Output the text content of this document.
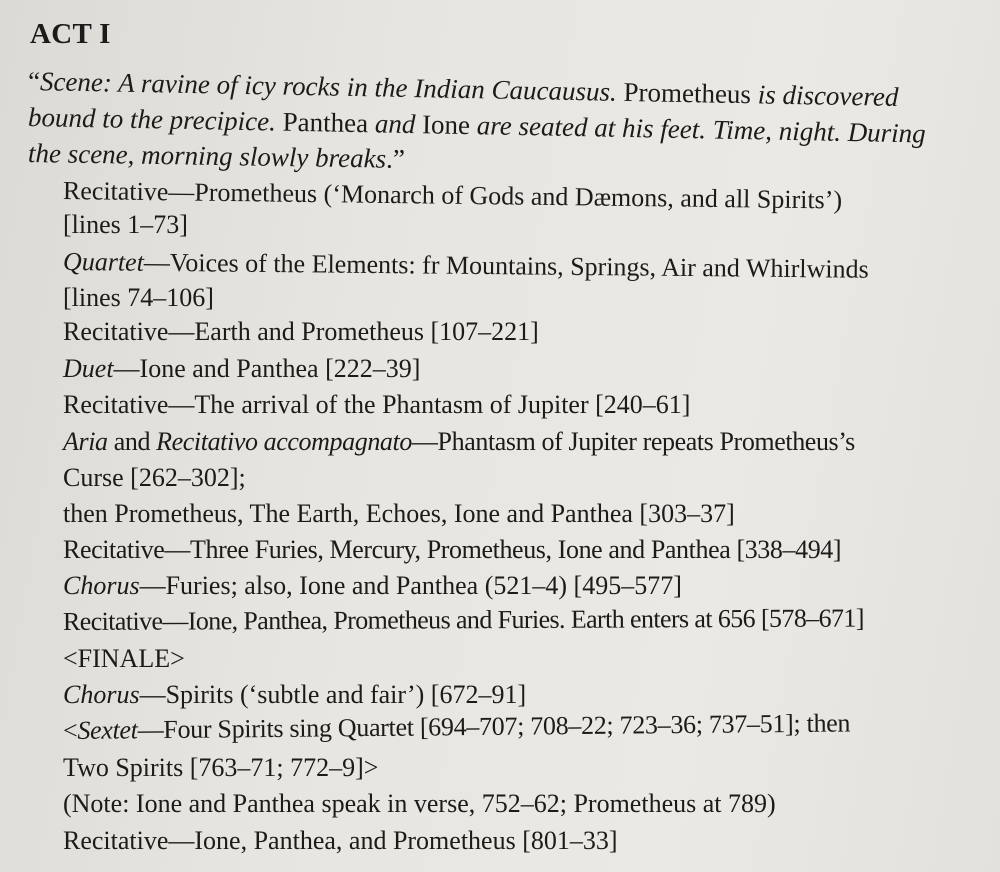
ACT I
“Scene: A ravine of icy rocks in the Indian Caucausus. Prometheus is discovered
bound to the precipice. Panthea and Ione are seated at his feet. Time, night. During
the scene, morning slowly breaks.”
Recitative—Prometheus (‘Monarch of Gods and Dæmons, and all Spirits’)
[lines 1–73]
Quartet—Voices of the Elements: fr Mountains, Springs, Air and Whirlwinds
[lines 74–106]
Recitative—Earth and Prometheus [107–221]
Duet—Ione and Panthea [222–39]
Recitative—The arrival of the Phantasm of Jupiter [240–61]
Aria and Recitativo accompagnato—Phantasm of Jupiter repeats Prometheus’s
Curse [262–302];
then Prometheus, The Earth, Echoes, Ione and Panthea [303–37]
Recitative—Three Furies, Mercury, Prometheus, Ione and Panthea [338–494]
Chorus—Furies; also, Ione and Panthea (521–4) [495–577]
Recitative—Ione, Panthea, Prometheus and Furies. Earth enters at 656 [578–671]
<FINALE>
Chorus—Spirits (‘subtle and fair’) [672–91]
<Sextet—Four Spirits sing Quartet [694–707; 708–22; 723–36; 737–51]; then
Two Spirits [763–71; 772–9]>
(Note: Ione and Panthea speak in verse, 752–62; Prometheus at 789)
Recitative—Ione, Panthea, and Prometheus [801–33]
